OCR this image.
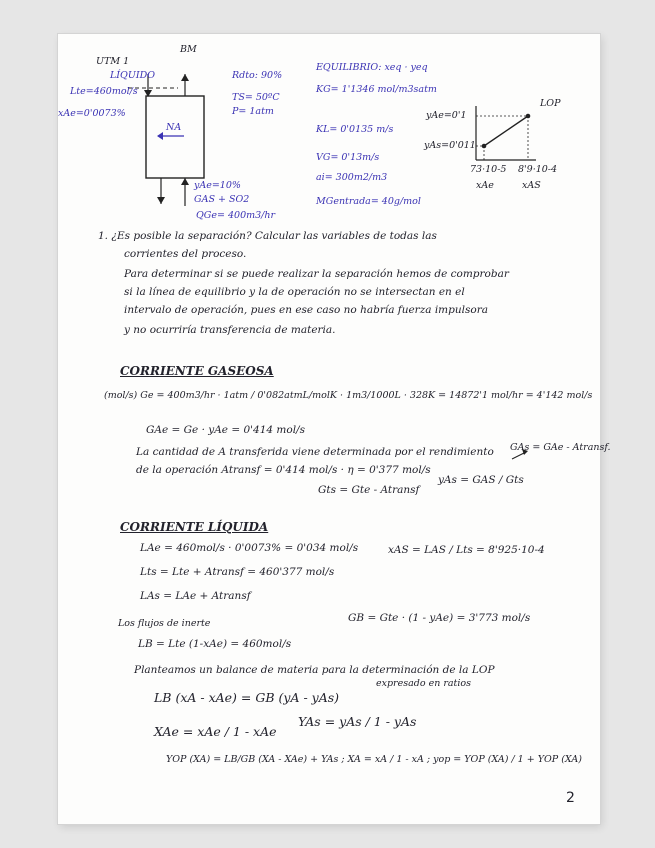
UTM 1
BM
LÍQUIDO
Lte=460mol/s
xAe=0'0073%
NA
yAe=10%
GAS + SO2
QGe= 400m3/hr
Rdto: 90%
TS= 50ºC
P= 1atm
EQUILIBRIO: xeq · yeq
KG= 1'1346 mol/m3satm
KL= 0'0135 m/s
VG= 0'13m/s
ai= 300m2/m3
MGentrada= 40g/mol
LOP
yAe=0'1
yAs=0'011
73·10-5 8'9·10-4
xAe	xAS
1. ¿Es posible la separación? Calcular las variables de todas las
corrientes del proceso.
Para determinar si se puede realizar la separación hemos de comprobar
si la línea de equilibrio y la de operación no se intersectan en el
intervalo de operación, pues en ese caso no habría fuerza impulsora
y no ocurriría transferencia de materia.
CORRIENTE GASEOSA
(mol/s) Ge = 400m3/hr · 1atm / 0'082atmL/molK · 1m3/1000L · 328K = 14872'1 mol/hr = 4'142 mol/s
GAe = Ge · yAe = 0'414 mol/s
La cantidad de A transferida viene determinada por el rendimiento
de la operación Atransf = 0'414 mol/s · 𝜂 = 0'377 mol/s
GAs = GAe - Atransf.
Gts = Gte - Atransf
yAs = GAS / Gts
CORRIENTE LÍQUIDA
LAe = 460mol/s · 0'0073% = 0'034 mol/s
Lts = Lte + Atransf = 460'377 mol/s
LAs = LAe + Atransf
xAS = LAS / Lts = 8'925·10-4
Los flujos de inerte
LB = Lte (1-xAe) = 460mol/s
GB = Gte · (1 - yAe) = 3'773 mol/s
Planteamos un balance de materia para la determinación de la LOP
LB (xA - xAe) = GB (yA - yAs)
expresado en ratios
XAe = xAe / 1 - xAe
YAs = yAs / 1 - yAs
YOP (XA) = LB/GB (XA - XAe) + YAs ; XA = xA / 1 - xA ; yop = YOP (XA) / 1 + YOP (XA)
2
